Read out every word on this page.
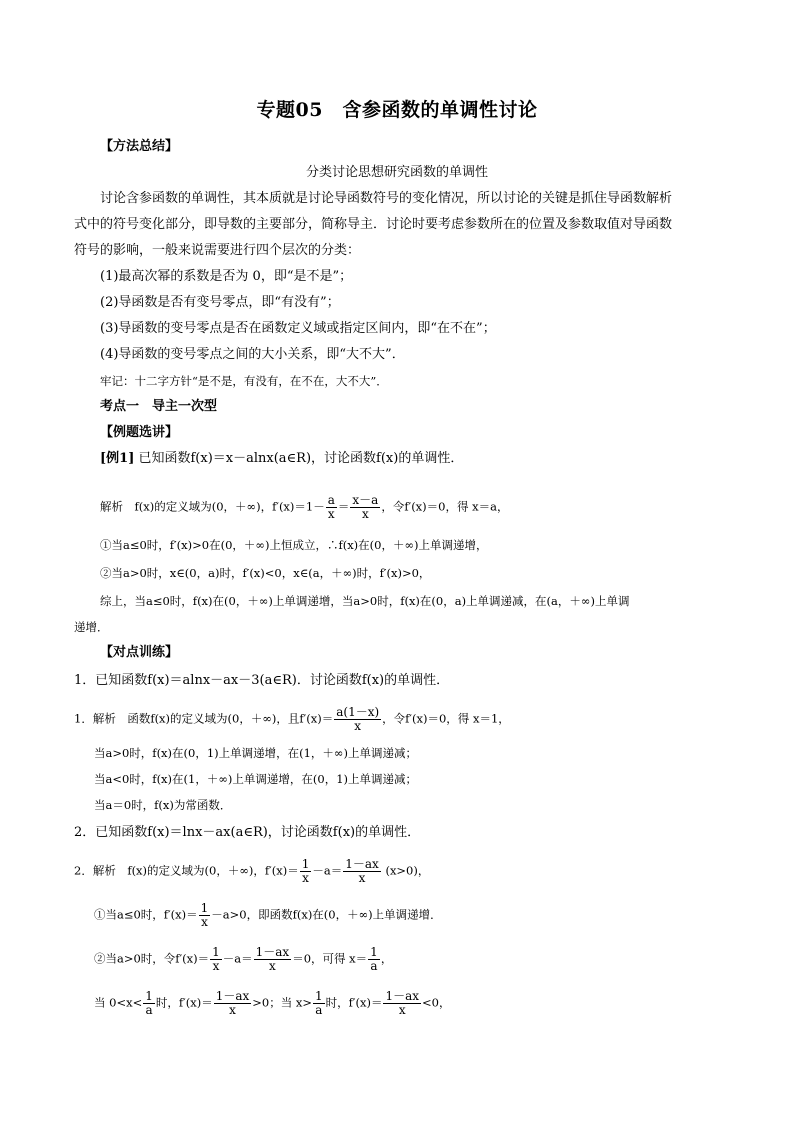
专题05　含参函数的单调性讨论
【方法总结】
分类讨论思想研究函数的单调性
讨论含参函数的单调性，其本质就是讨论导函数符号的变化情况，所以讨论的关键是抓住导函数解析
式中的符号变化部分，即导数的主要部分，简称导主．讨论时要考虑参数所在的位置及参数取值对导函数
符号的影响，一般来说需要进行四个层次的分类：
(1)最高次幂的系数是否为 0，即“是不是”；
(2)导函数是否有变号零点，即“有没有”；
(3)导函数的变号零点是否在函数定义域或指定区间内，即“在不在”；
(4)导函数的变号零点之间的大小关系，即“大不大”．
牢记：十二字方针“是不是，有没有，在不在，大不大”．
考点一　导主一次型
【例题选讲】
[例1] 已知函数f(x)＝x－alnx(a∈R)，讨论函数f(x)的单调性．
解析　f(x)的定义域为(0，＋∞)，$f'(x)=1- \frac{a}{x} = \frac{x-a}{x}$ ，令f′(x)＝0，得 x＝a，
①当a≤0时，f′(x)>0在(0，＋∞)上恒成立，∴f(x)在(0，＋∞)上单调递增，
②当a>0时，x∈(0，a)时，f′(x)<0，x∈(a，＋∞)时，f′(x)>0，
综上，当a≤0时，f(x)在(0，＋∞)上单调递增，当a>0时，f(x)在(0，a)上单调递减，在(a，＋∞)上单调
递增．
【对点训练】
1．已知函数f(x)＝alnx－ax－3(a∈R)．讨论函数f(x)的单调性．
1．解析　函数f(x)的定义域为(0，＋∞)，且$f'(x)= \frac{a(1-x)}{x}$ ，令f′(x)＝0，得 x＝1，
当a>0时，f(x)在(0，1)上单调递增，在(1，＋∞)上单调递减；
当a<0时，f(x)在(1，＋∞)上单调递增，在(0，1)上单调递减；
当a＝0时，f(x)为常函数．
2．已知函数f(x)＝lnx－ax(a∈R)，讨论函数f(x)的单调性．
2．解析　f(x)的定义域为(0，＋∞)，$f'(x)= \frac{1}{x} -a= \frac{1-ax}{x} (x>0)$，
①当a≤0时，$f'(x)= \frac{1}{x} -a>0$，即函数f(x)在(0，＋∞)上单调递增．
②当a>0时，令$f'(x)= \frac{1}{x} -a= \frac{1-ax}{x} =0$，可得 $x= \frac{1}{a}$ ，
当 $0<x< \frac{1}{a}$ 时，$f'(x)= \frac{1-ax}{x} >0$；当 $x> \frac{1}{a}$ 时，$f'(x)= \frac{1-ax}{x} <0$，
